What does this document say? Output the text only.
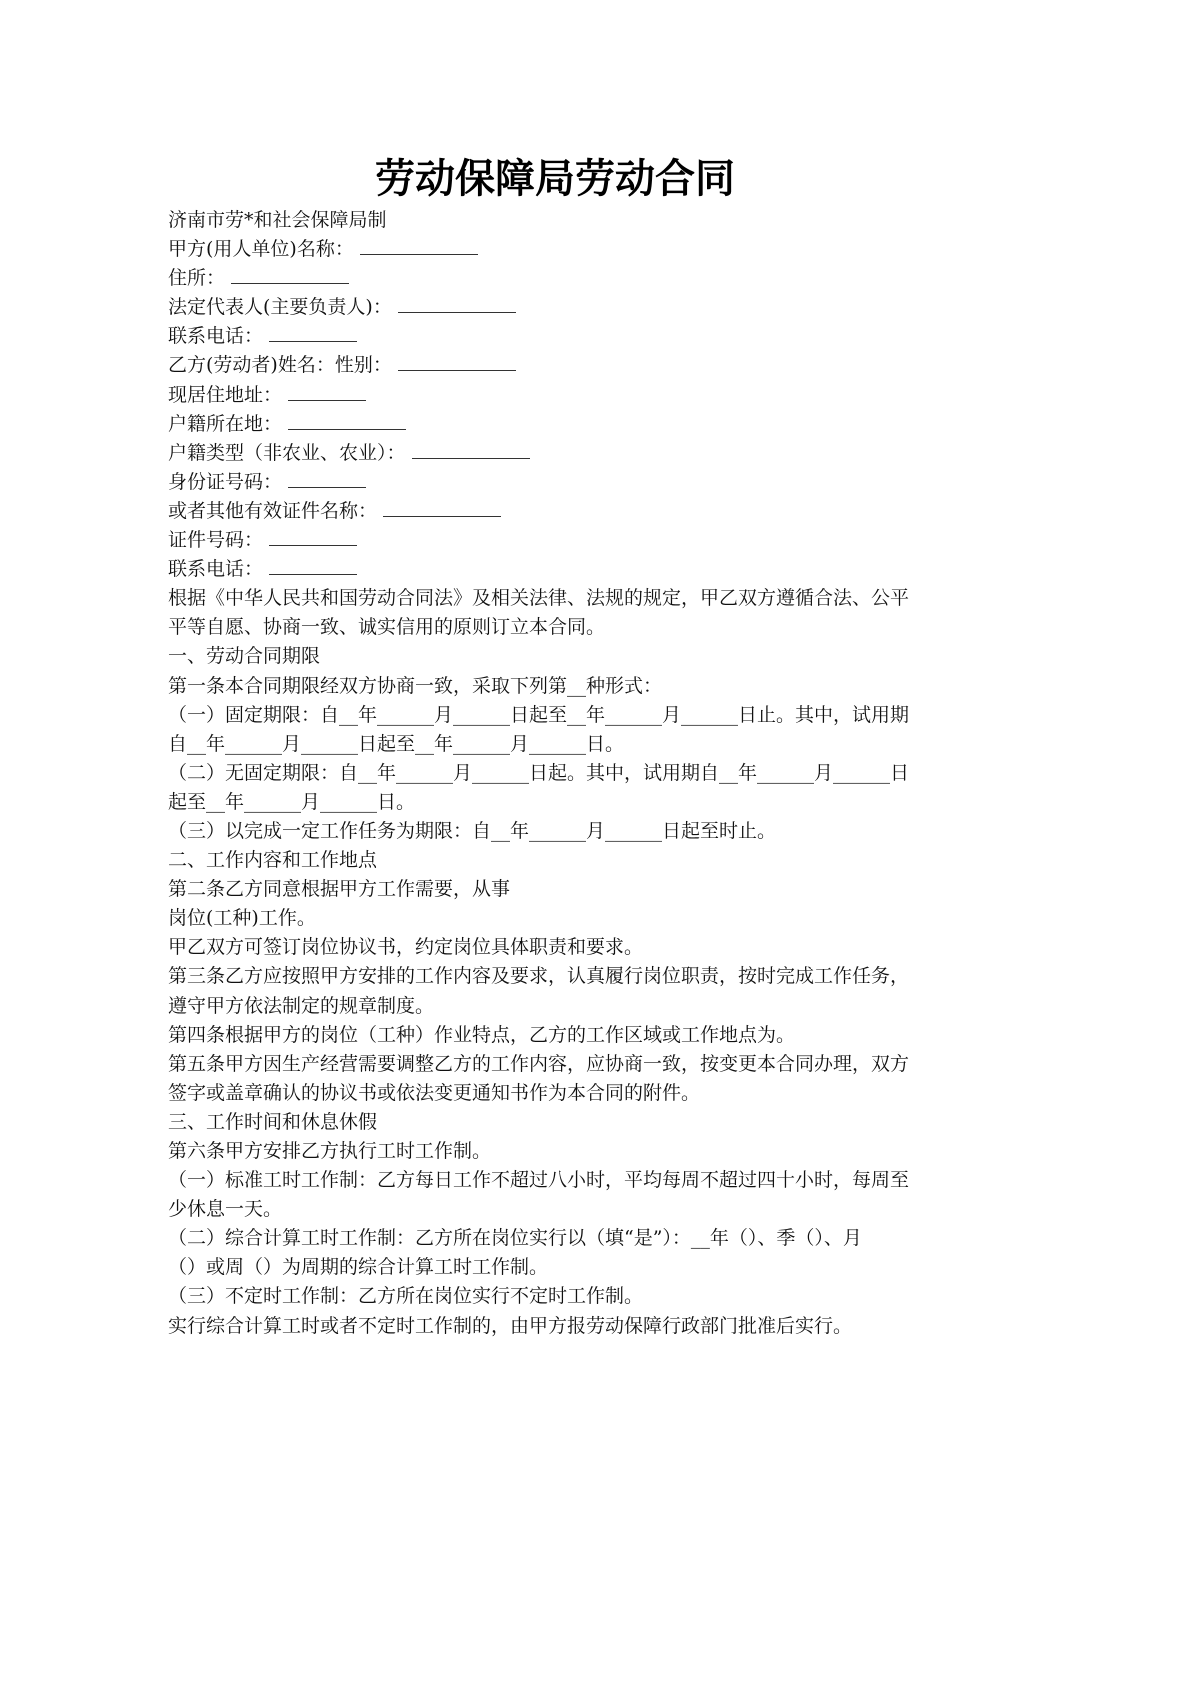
劳动保障局劳动合同
济南市劳*和社会保障局制
甲方(用人单位)名称：
住所：
法定代表人(主要负责人)：
联系电话：
乙方(劳动者)姓名：性别：
现居住地址：
户籍所在地：
户籍类型（非农业、农业）：
身份证号码：
或者其他有效证件名称：
证件号码：
联系电话：
根据《中华人民共和国劳动合同法》及相关法律、法规的规定，甲乙双方遵循合法、公平
平等自愿、协商一致、诚实信用的原则订立本合同。
一、劳动合同期限
第一条本合同期限经双方协商一致，采取下列第__种形式：
（一）固定期限：自__年______月______日起至__年______月______日止。其中，试用期
自__年______月______日起至__年______月______日。
（二）无固定期限：自__年______月______日起。其中，试用期自__年______月______日
起至__年______月______日。
（三）以完成一定工作任务为期限：自__年______月______日起至时止。
二、工作内容和工作地点
第二条乙方同意根据甲方工作需要，从事
岗位(工种)工作。
甲乙双方可签订岗位协议书，约定岗位具体职责和要求。
第三条乙方应按照甲方安排的工作内容及要求，认真履行岗位职责，按时完成工作任务，
遵守甲方依法制定的规章制度。
第四条根据甲方的岗位（工种）作业特点，乙方的工作区域或工作地点为。
第五条甲方因生产经营需要调整乙方的工作内容，应协商一致，按变更本合同办理，双方
签字或盖章确认的协议书或依法变更通知书作为本合同的附件。
三、工作时间和休息休假
第六条甲方安排乙方执行工时工作制。
（一）标准工时工作制：乙方每日工作不超过八小时，平均每周不超过四十小时，每周至
少休息一天。
（二）综合计算工时工作制：乙方所在岗位实行以（填“是”）：__年（）、季（）、月
（）或周（）为周期的综合计算工时工作制。
（三）不定时工作制：乙方所在岗位实行不定时工作制。
实行综合计算工时或者不定时工作制的，由甲方报劳动保障行政部门批准后实行。
